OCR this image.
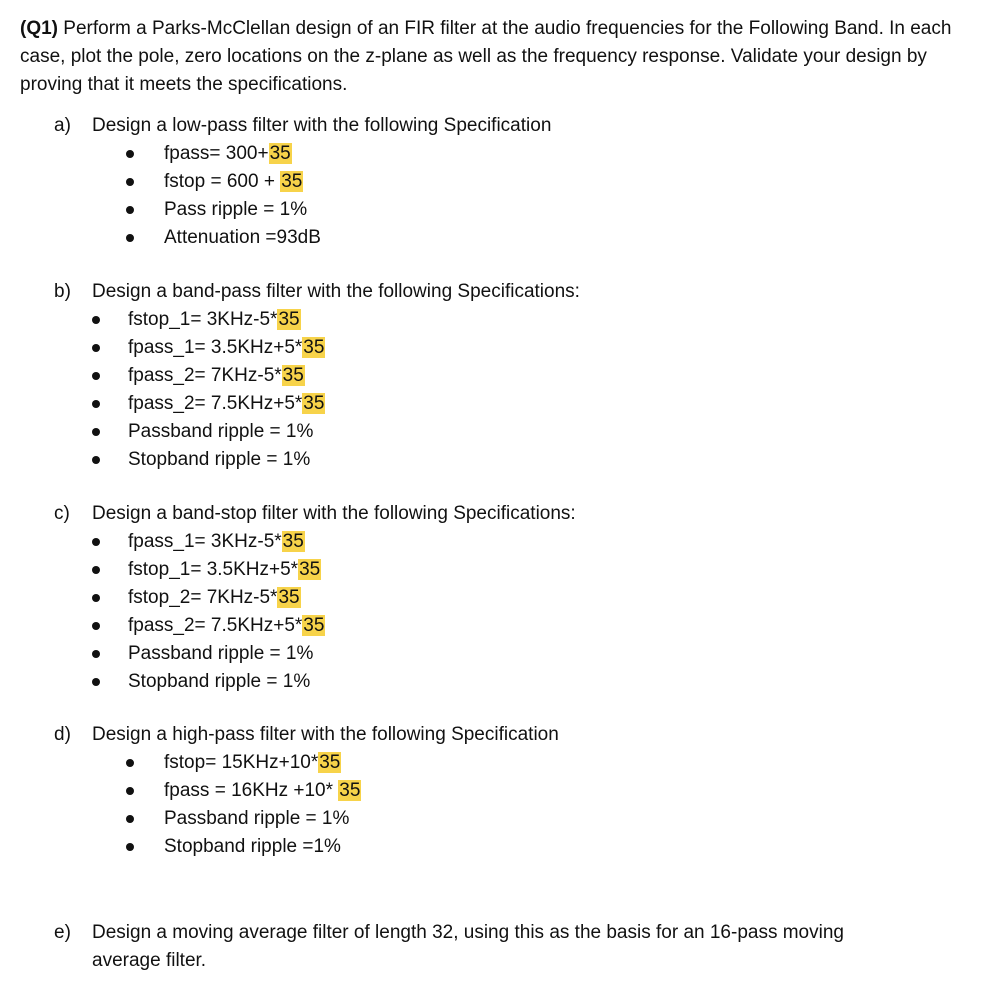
(Q1) Perform a Parks-McClellan design of an FIR filter at the audio frequencies for the Following Band. In each case, plot the pole, zero locations on the z-plane as well as the frequency response. Validate your design by proving that it meets the specifications.
a) Design a low-pass filter with the following Specification
fpass= 300+35
fstop = 600 + 35
Pass ripple = 1%
Attenuation =93dB
b) Design a band-pass filter with the following Specifications:
fstop_1= 3KHz-5*35
fpass_1= 3.5KHz+5*35
fpass_2= 7KHz-5*35
fpass_2= 7.5KHz+5*35
Passband ripple = 1%
Stopband ripple = 1%
c) Design a band-stop filter with the following Specifications:
fpass_1= 3KHz-5*35
fstop_1= 3.5KHz+5*35
fstop_2= 7KHz-5*35
fpass_2= 7.5KHz+5*35
Passband ripple = 1%
Stopband ripple = 1%
d) Design a high-pass filter with the following Specification
fstop= 15KHz+10*35
fpass = 16KHz +10* 35
Passband ripple = 1%
Stopband ripple =1%
e) Design a moving average filter of length 32, using this as the basis for an 16-pass moving
average filter.
